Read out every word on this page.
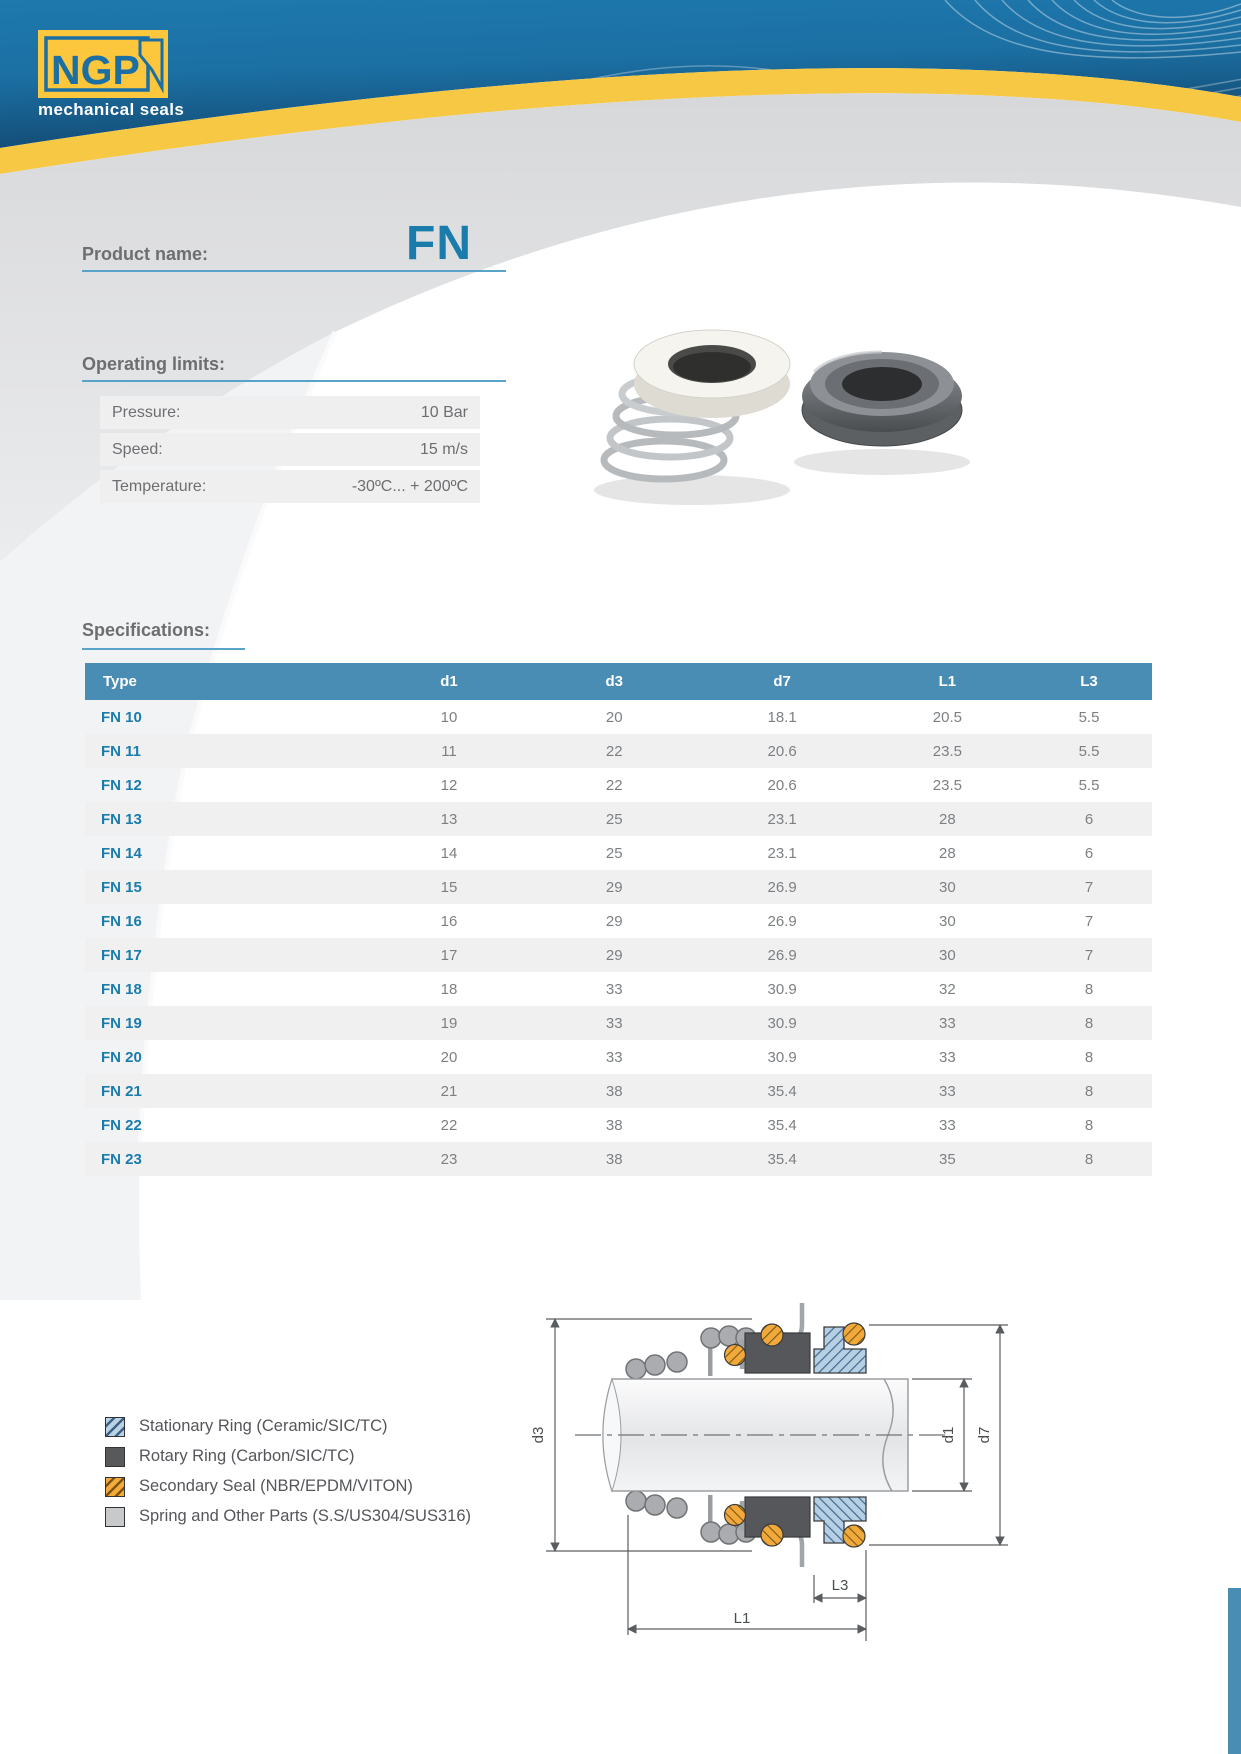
NGP
mechanical seals
Product name:	FN
Operating limits:
Pressure:	10 Bar
Speed:	15 m/s
Temperature:	-30ºC... + 200ºC
Specifications:
Type	d1	d3	d7	L1	L3
FN 10	10	20	18.1	20.5	5.5
FN 11	11	22	20.6	23.5	5.5
FN 12	12	22	20.6	23.5	5.5
FN 13	13	25	23.1	28	6
FN 14	14	25	23.1	28	6
FN 15	15	29	26.9	30	7
FN 16	16	29	26.9	30	7
FN 17	17	29	26.9	30	7
FN 18	18	33	30.9	32	8
FN 19	19	33	30.9	33	8
FN 20	20	33	30.9	33	8
FN 21	21	38	35.4	33	8
FN 22	22	38	35.4	33	8
FN 23	23	38	35.4	35	8
Stationary Ring (Ceramic/SIC/TC)
Rotary Ring (Carbon/SIC/TC)
Secondary Seal (NBR/EPDM/VITON)
Spring and Other Parts (S.S/US304/SUS316)
d3	d1 d7
L3
L1
